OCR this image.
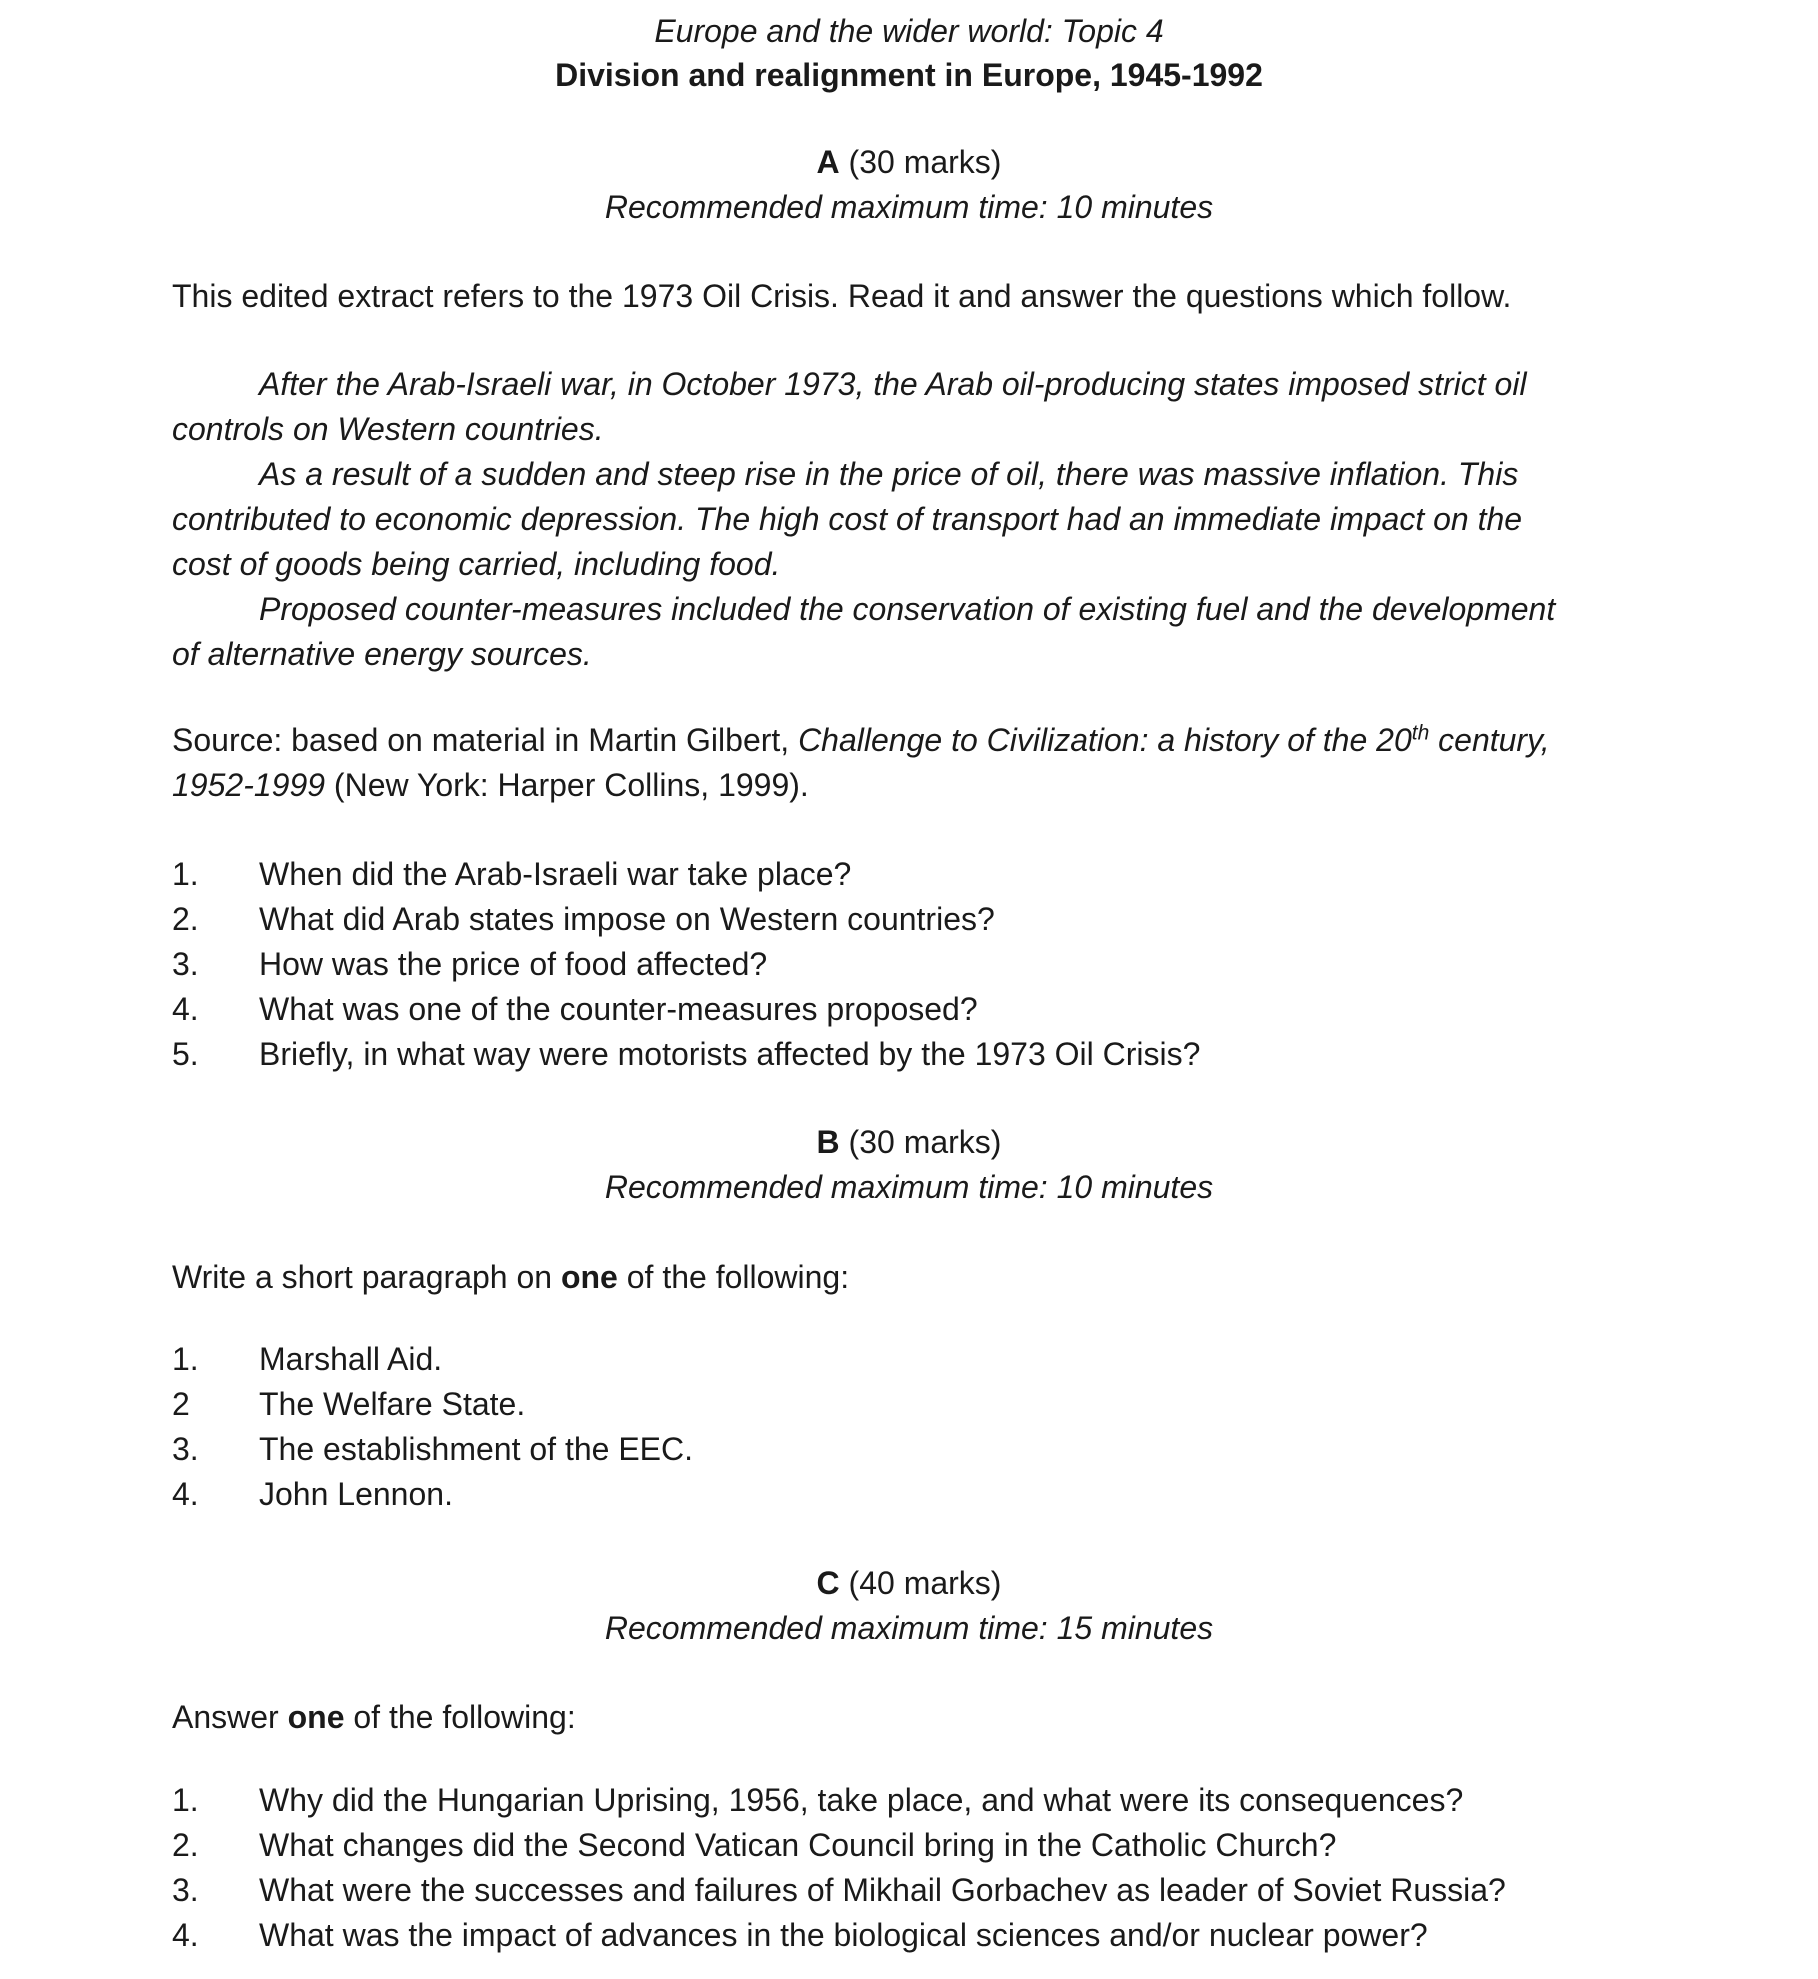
Europe and the wider world: Topic 4
Division and realignment in Europe, 1945-1992
A (30 marks)
Recommended maximum time: 10 minutes
This edited extract refers to the 1973 Oil Crisis. Read it and answer the questions which follow.
After the Arab-Israeli war, in October 1973, the Arab oil-producing states imposed strict oil
controls on Western countries.
As a result of a sudden and steep rise in the price of oil, there was massive inflation. This
contributed to economic depression. The high cost of transport had an immediate impact on the
cost of goods being carried, including food.
Proposed counter-measures included the conservation of existing fuel and the development
of alternative energy sources.
Source: based on material in Martin Gilbert, Challenge to Civilization: a history of the 20th century,
1952-1999 (New York: Harper Collins, 1999).
1.	When did the Arab-Israeli war take place?
2.	What did Arab states impose on Western countries?
3.	How was the price of food affected?
4.	What was one of the counter-measures proposed?
5.	Briefly, in what way were motorists affected by the 1973 Oil Crisis?
B (30 marks)
Recommended maximum time: 10 minutes
Write a short paragraph on one of the following:
1.	Marshall Aid.
2	The Welfare State.
3.	The establishment of the EEC.
4.	John Lennon.
C (40 marks)
Recommended maximum time: 15 minutes
Answer one of the following:
1.	Why did the Hungarian Uprising, 1956, take place, and what were its consequences?
2.	What changes did the Second Vatican Council bring in the Catholic Church?
3.	What were the successes and failures of Mikhail Gorbachev as leader of Soviet Russia?
4.	What was the impact of advances in the biological sciences and/or nuclear power?
